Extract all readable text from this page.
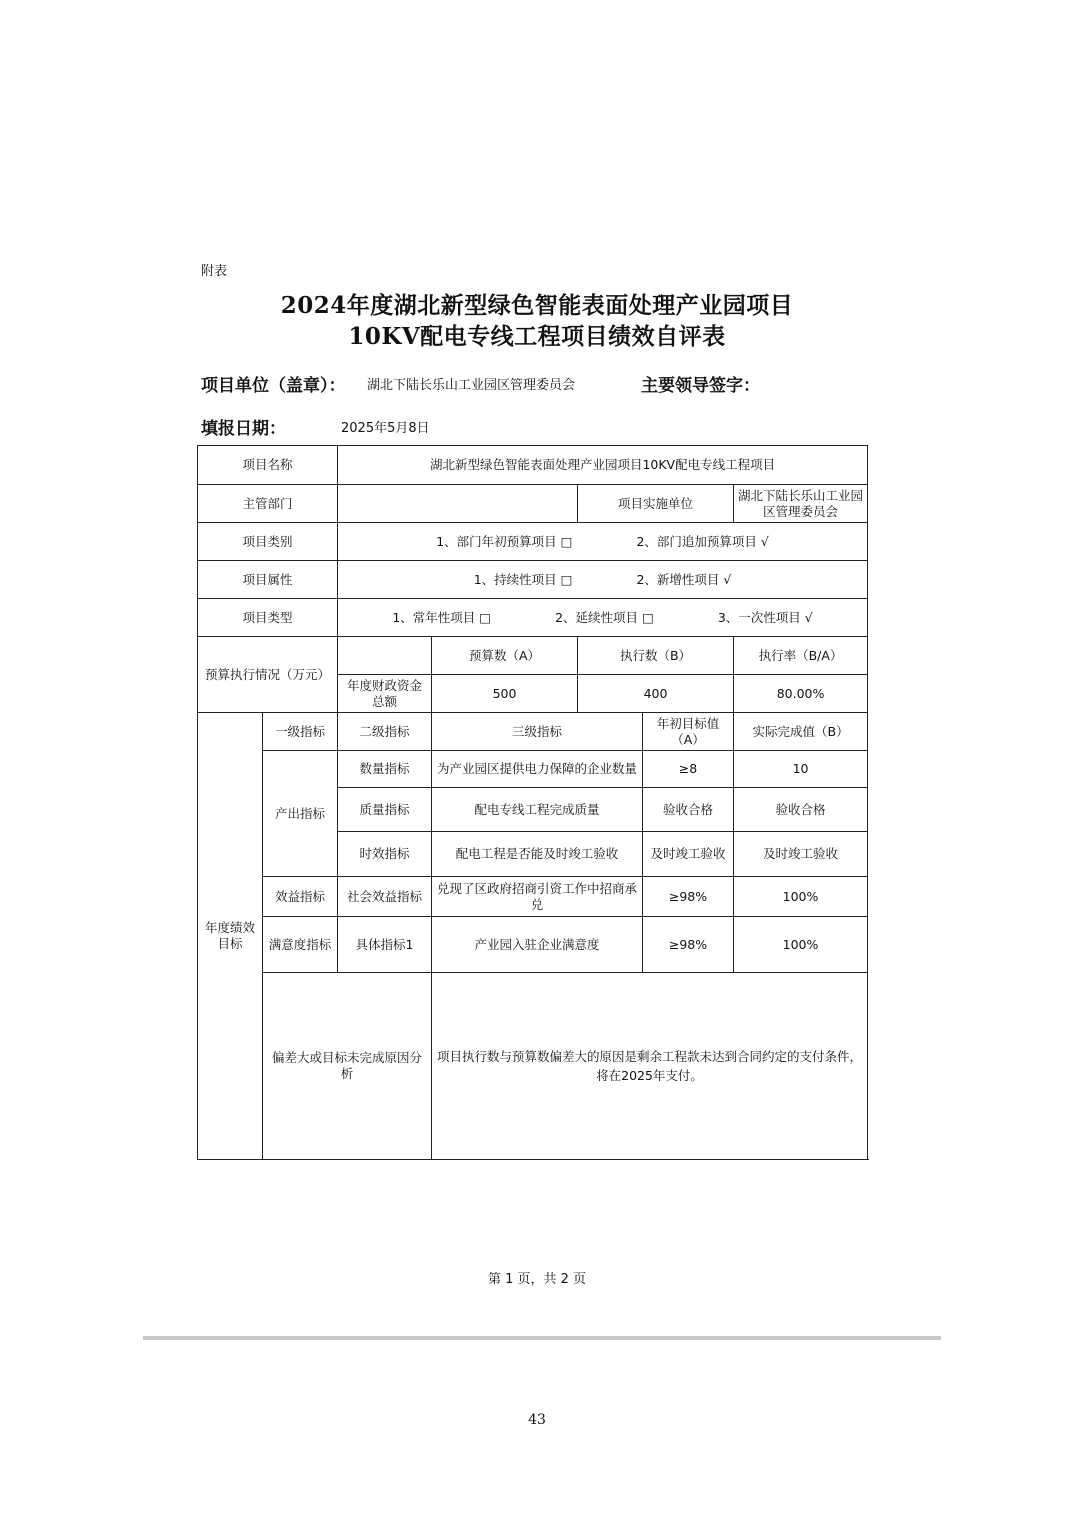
附表
2024年度湖北新型绿色智能表面处理产业园项目
10KV配电专线工程项目绩效自评表
项目单位（盖章）： 湖北下陆长乐山工业园区管理委员会	主要领导签字：
填报日期：	2025年5月8日
项目名称		湖北新型绿色智能表面处理产业园项目10KV配电专线工程项目				
主管部门				项目实施单位		湖北下陆长乐山工业园区管理委员会
项目类别		1、部门年初预算项目 □ 2、部门追加预算项目 √				
项目属性		1、持续性项目 □ 2、新增性项目 √				
项目类型		1、常年性项目 □ 2、延续性项目 □ 3、一次性项目 √				
预算执行情况（万元）			预算数（A）	执行数（B）		执行率（B/A）
		年度财政资金总额	500	400		80.00%
年度绩效目标	一级指标	二级指标	三级指标		年初目标值（A）	实际完成值（B）
	产出指标	数量指标	为产业园区提供电力保障的企业数量		≥8	10
		质量指标	配电专线工程完成质量		验收合格	验收合格
		时效指标	配电工程是否能及时竣工验收		及时竣工验收	及时竣工验收
	效益指标	社会效益指标	兑现了区政府招商引资工作中招商承兑		≥98%	100%
	满意度指标	具体指标1	产业园入驻企业满意度		≥98%	100%
	偏差大或目标未完成原因分析		项目执行数与预算数偏差大的原因是剩余工程款未达到合同约定的支付条件，将在2025年支付。			
第 1 页，共 2 页
43
